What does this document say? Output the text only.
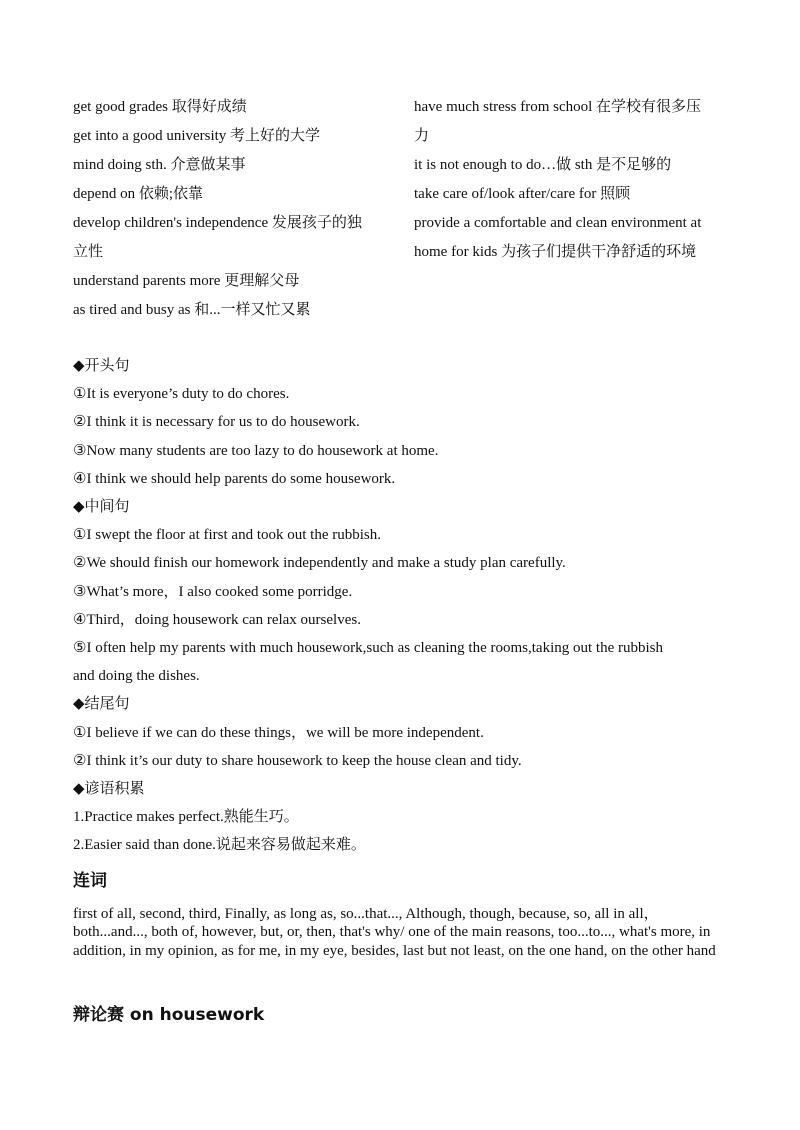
get good grades 取得好成绩
get into a good university 考上好的大学
mind doing sth. 介意做某事
depend on 依赖;依靠
develop children's independence 发展孩子的独
立性
understand parents more 更理解父母
as tired and busy as 和...一样又忙又累
have much stress from school 在学校有很多压
力
it is not enough to do…做 sth 是不足够的
take care of/look after/care for 照顾
provide a comfortable and clean environment at
home for kids 为孩子们提供干净舒适的环境
◆开头句
①It is everyone’s duty to do chores.
②I think it is necessary for us to do housework.
③Now many students are too lazy to do housework at home.
④I think we should help parents do some housework.
◆中间句
①I swept the floor at first and took out the rubbish.
②We should finish our homework independently and make a study plan carefully.
③What’s more，I also cooked some porridge.
④Third，doing housework can relax ourselves.
⑤I often help my parents with much housework,such as cleaning the rooms,taking out the rubbish
and doing the dishes.
◆结尾句
①I believe if we can do these things，we will be more independent.
②I think it’s our duty to share housework to keep the house clean and tidy.
◆谚语积累
1.Practice makes perfect.熟能生巧。
2.Easier said than done.说起来容易做起来难。
连词
first of all, second, third, Finally, as long as, so...that..., Although, though, because, so, all in all，both...and..., both of, however, but, or, then, that's why/ one of the main reasons, too...to..., what's more, in addition, in my opinion, as for me, in my eye, besides, last but not least, on the one hand, on the other hand
辩论赛 on housework
